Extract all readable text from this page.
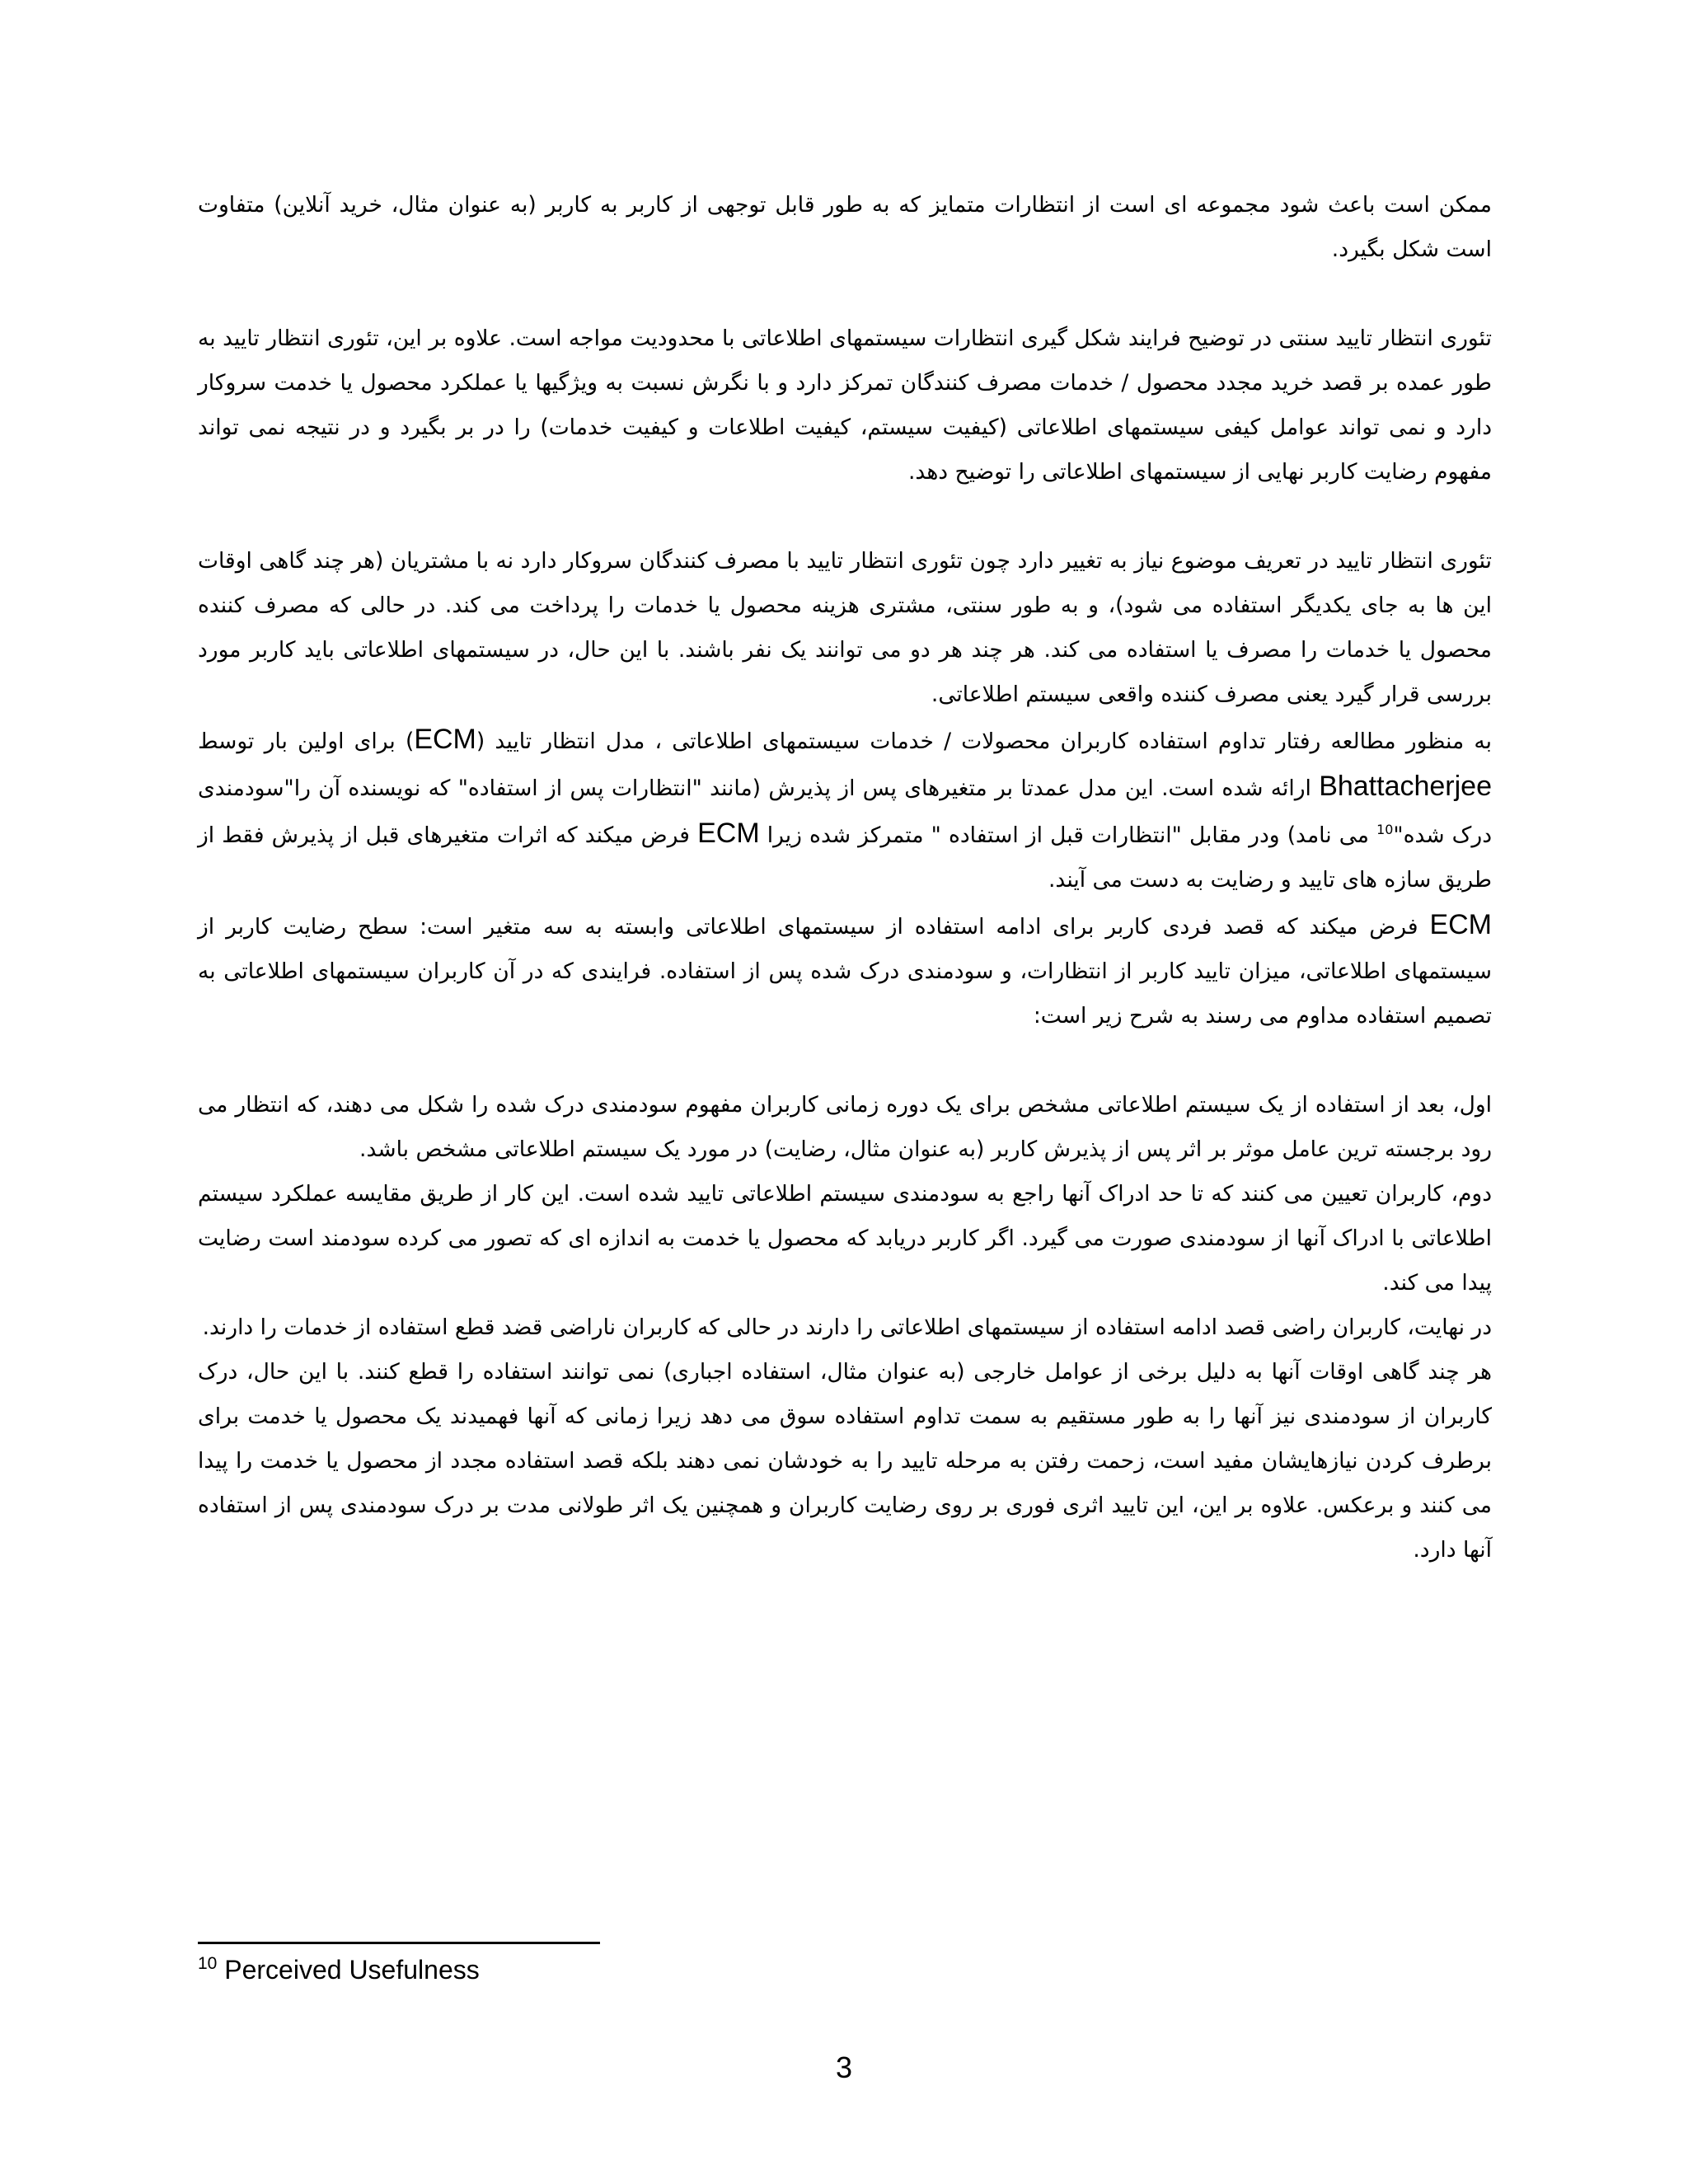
ممکن است باعث شود مجموعه ای است از انتظارات متمایز که به طور قابل توجهی از کاربر به کاربر (به عنوان مثال، خرید آنلاین) متفاوت است شکل بگیرد.

تئوری انتظار تایید سنتی در توضیح فرایند شکل گیری انتظارات سیستمهای اطلاعاتی با محدودیت مواجه است. علاوه بر این، تئوری انتظار تایید به طور عمده بر قصد خرید مجدد محصول / خدمات مصرف کنندگان تمرکز دارد و با نگرش نسبت به ویژگیها یا عملکرد محصول یا خدمت سروکار دارد و نمی تواند عوامل کیفی سیستمهای اطلاعاتی (کیفیت سیستم، کیفیت اطلاعات و کیفیت خدمات) را در بر بگیرد و در نتیجه نمی تواند مفهوم رضایت کاربر نهایی از سیستمهای اطلاعاتی را توضیح دهد.

تئوری انتظار تایید در تعریف موضوع نیاز به تغییر دارد چون تئوری انتظار تایید با مصرف کنندگان سروکار دارد نه با مشتریان (هر چند گاهی اوقات این ها به جای یکدیگر استفاده می شود)، و به طور سنتی، مشتری هزینه محصول یا خدمات را پرداخت می کند. در حالی که مصرف کننده محصول یا خدمات را مصرف یا استفاده می کند. هر چند هر دو می توانند یک نفر باشند. با این حال، در سیستمهای اطلاعاتی باید کاربر مورد بررسی قرار گیرد یعنی مصرف کننده واقعی سیستم اطلاعاتی.

به منظور مطالعه رفتار تداوم استفاده کاربران محصولات / خدمات سیستمهای اطلاعاتی ، مدل انتظار تایید (ECM) برای اولین بار توسط Bhattacherjee ارائه شده است. این مدل عمدتا بر متغیرهای پس از پذیرش (مانند "انتظارات پس از استفاده" که نویسنده آن را"سودمندی درک شده"$^{10}$ می نامد) ودر مقابل "انتظارات قبل از استفاده " متمرکز شده زیرا ECM فرض میکند که اثرات متغیرهای قبل از پذیرش فقط از طریق سازه های تایید و رضایت به دست می آیند.

ECM فرض میکند که قصد فردی کاربر برای ادامه استفاده از سیستمهای اطلاعاتی وابسته به سه متغیر است: سطح رضایت کاربر از سیستمهای اطلاعاتی، میزان تایید کاربر از انتظارات، و سودمندی درک شده پس از استفاده. فرایندی که در آن کاربران سیستمهای اطلاعاتی به تصمیم استفاده مداوم می رسند به شرح زیر است:

اول، بعد از استفاده از یک سیستم اطلاعاتی مشخص برای یک دوره زمانی کاربران مفهوم سودمندی درک شده را شکل می دهند، که انتظار می رود برجسته ترین عامل موثر بر اثر پس از پذیرش کاربر (به عنوان مثال، رضایت) در مورد یک سیستم اطلاعاتی مشخص باشد.

دوم، کاربران تعیین می کنند که تا حد ادراک آنها راجع به سودمندی سیستم اطلاعاتی تایید شده است. این کار از طریق مقایسه عملکرد سیستم اطلاعاتی با ادراک آنها از سودمندی صورت می گیرد. اگر کاربر دریابد که محصول یا خدمت به اندازه ای که تصور می کرده سودمند است رضایت پیدا می کند.

در نهایت، کاربران راضی قصد ادامه استفاده از سیستمهای اطلاعاتی را دارند در حالی که کاربران ناراضی قضد قطع استفاده از خدمات را دارند.

هر چند گاهی اوقات آنها به دلیل برخی از عوامل خارجی (به عنوان مثال، استفاده اجباری) نمی توانند استفاده را قطع کنند. با این حال، درک کاربران از سودمندی نیز آنها را به طور مستقیم به سمت تداوم استفاده سوق می دهد زیرا زمانی که آنها فهمیدند یک محصول یا خدمت برای برطرف کردن نیازهایشان مفید است، زحمت رفتن به مرحله تایید را به خودشان نمی دهند بلکه قصد استفاده مجدد از محصول یا خدمت را پیدا می کنند و برعکس. علاوه بر این، این تایید اثری فوری بر روی رضایت کاربران و همچنین یک اثر طولانی مدت بر درک سودمندی پس از استفاده آنها دارد.

$^{10}$ Perceived Usefulness
3
